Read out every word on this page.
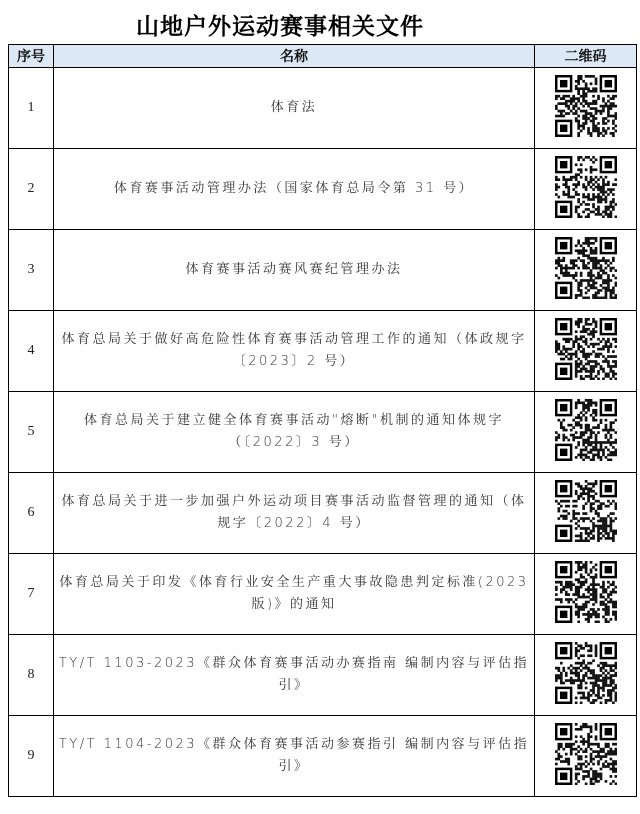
山地户外运动赛事相关文件
序号	名称	二维码
1	体育法	

2	体育赛事活动管理办法（国家体育总局令第 31 号）	

3	体育赛事活动赛风赛纪管理办法	

4	体育总局关于做好高危险性体育赛事活动管理工作的通知（体政规字〔2023〕2 号）	

5	体育总局关于建立健全体育赛事活动"熔断"机制的通知体规字（〔2022〕3 号）	

6	体育总局关于进一步加强户外运动项目赛事活动监督管理的通知（体规字〔2022〕4 号）	

7	体育总局关于印发《体育行业安全生产重大事故隐患判定标准(2023版)》的通知	

8	TY/T 1103-2023《群众体育赛事活动办赛指南 编制内容与评估指引》	

9	TY/T 1104-2023《群众体育赛事活动参赛指引 编制内容与评估指引》	
